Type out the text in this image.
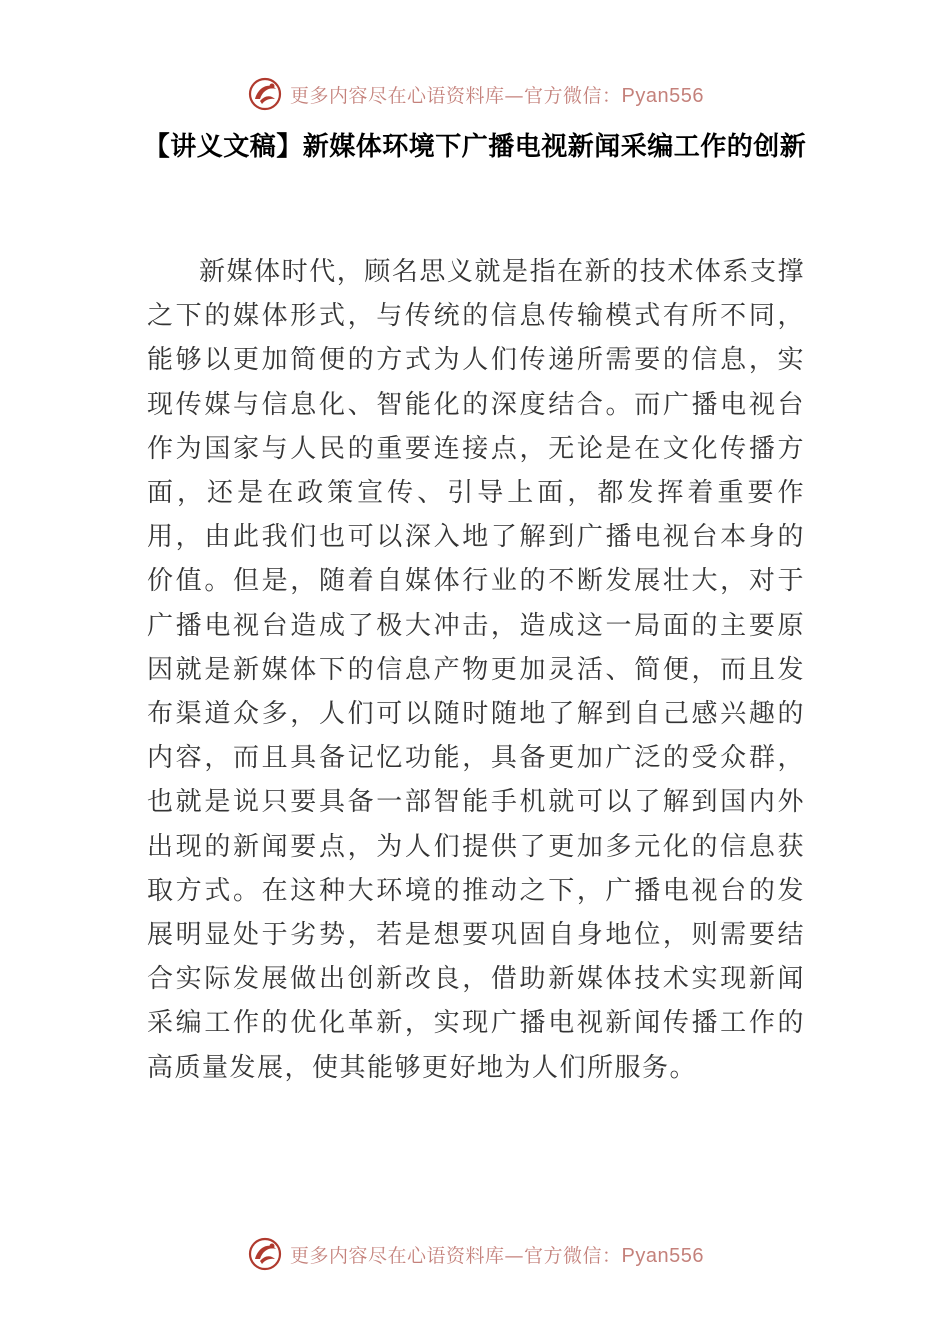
更多内容尽在心语资料库—官方微信：Pyan556
【讲义文稿】新媒体环境下广播电视新闻采编工作的创新

新媒体时代，顾名思义就是指在新的技术体系支撑之下的媒体形式，与传统的信息传输模式有所不同，能够以更加简便的方式为人们传递所需要的信息，实现传媒与信息化、智能化的深度结合。而广播电视台作为国家与人民的重要连接点，无论是在文化传播方面，还是在政策宣传、引导上面，都发挥着重要作用，由此我们也可以深入地了解到广播电视台本身的价值。但是，随着自媒体行业的不断发展壮大，对于广播电视台造成了极大冲击，造成这一局面的主要原因就是新媒体下的信息产物更加灵活、简便，而且发布渠道众多，人们可以随时随地了解到自己感兴趣的内容，而且具备记忆功能，具备更加广泛的受众群，也就是说只要具备一部智能手机就可以了解到国内外出现的新闻要点，为人们提供了更加多元化的信息获取方式。在这种大环境的推动之下，广播电视台的发展明显处于劣势，若是想要巩固自身地位，则需要结合实际发展做出创新改良，借助新媒体技术实现新闻采编工作的优化革新，实现广播电视新闻传播工作的高质量发展，使其能够更好地为人们所服务。

更多内容尽在心语资料库—官方微信：Pyan556
